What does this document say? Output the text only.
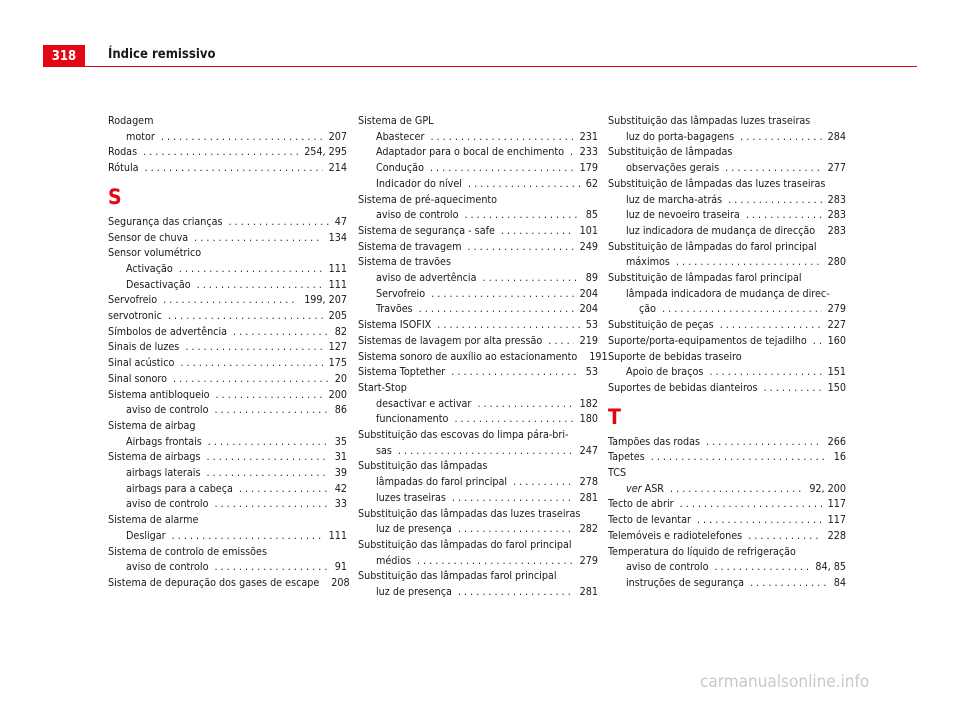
318	Índice remissivo
Rodagem
motor . . .	207
Rodas . . .	254, 295
Rótula . . .	214
S
Segurança das crianças . . .	47
Sensor de chuva . . .	134
Sensor volumétrico
Activação . . .	111
Desactivação . . .	111
Servofreio . . .	199, 207
servotronic . . .	205
Símbolos de advertência . . .	82
Sinais de luzes . . .	127
Sinal acústico . . .	175
Sinal sonoro . . .	20
Sistema antibloqueio . . .	200
aviso de controlo . . .	86
Sistema de airbag
Airbags frontais . . .	35
Sistema de airbags . . .	31
airbags laterais . . .	39
airbags para a cabeça . . .	42
aviso de controlo . . .	33
Sistema de alarme
Desligar . . .	111
Sistema de controlo de emissões
aviso de controlo . . .	91
Sistema de depuração dos gases de escape 208
Sistema de GPL
Abastecer . . .	231
Adaptador para o bocal de enchimento . . . 233
Condução . . .	179
Indicador do nível . . .	62
Sistema de pré-aquecimento
aviso de controlo . . .	85
Sistema de segurança - safe . . .	101
Sistema de travagem . . .	249
Sistema de travões
aviso de advertência . . .	89
Servofreio . . .	204
Travões . . .	204
Sistema ISOFIX . . .	53
Sistemas de lavagem por alta pressão . . .	219
Sistema sonoro de auxílio ao estacionamento 191
Sistema Toptether . . .	53
Start-Stop
desactivar e activar . . .	182
funcionamento . . .	180
Substituição das escovas do limpa pára-bri-
sas . . .	247
Substituição das lâmpadas
lâmpadas do farol principal . . .	278
luzes traseiras . . .	281
Substituição das lâmpadas das luzes traseiras
luz de presença . . .	282
Substituição das lâmpadas do farol principal
médios . . .	279
Substituição das lâmpadas farol principal
luz de presença . . .	281
Substituição das lâmpadas luzes traseiras
luz do porta-bagagens . . .	284
Substituição de lâmpadas
observações gerais . . .	277
Substituição de lâmpadas das luzes traseiras
luz de marcha-atrás . . .	283
luz de nevoeiro traseira . . .	283
luz indicadora de mudança de direcção . . . 283
Substituição de lâmpadas do farol principal
máximos . . .	280
Substituição de lâmpadas farol principal
lâmpada indicadora de mudança de direc-
ção . . .	279
Substituição de peças . . .	227
Suporte/porta-equipamentos de tejadilho . . . 160
Suporte de bebidas traseiro
Apoio de braços . . .	151
Suportes de bebidas dianteiros . . .	150
T
Tampões das rodas . . .	266
Tapetes . . .	16
TCS
ver ASR . . .	92, 200
Tecto de abrir . . .	117
Tecto de levantar . . .	117
Telemóveis e radiotelefones . . .	228
Temperatura do líquido de refrigeração
aviso de controlo . . .	84, 85
instruções de segurança . . .	84
carmanualsonline.info
